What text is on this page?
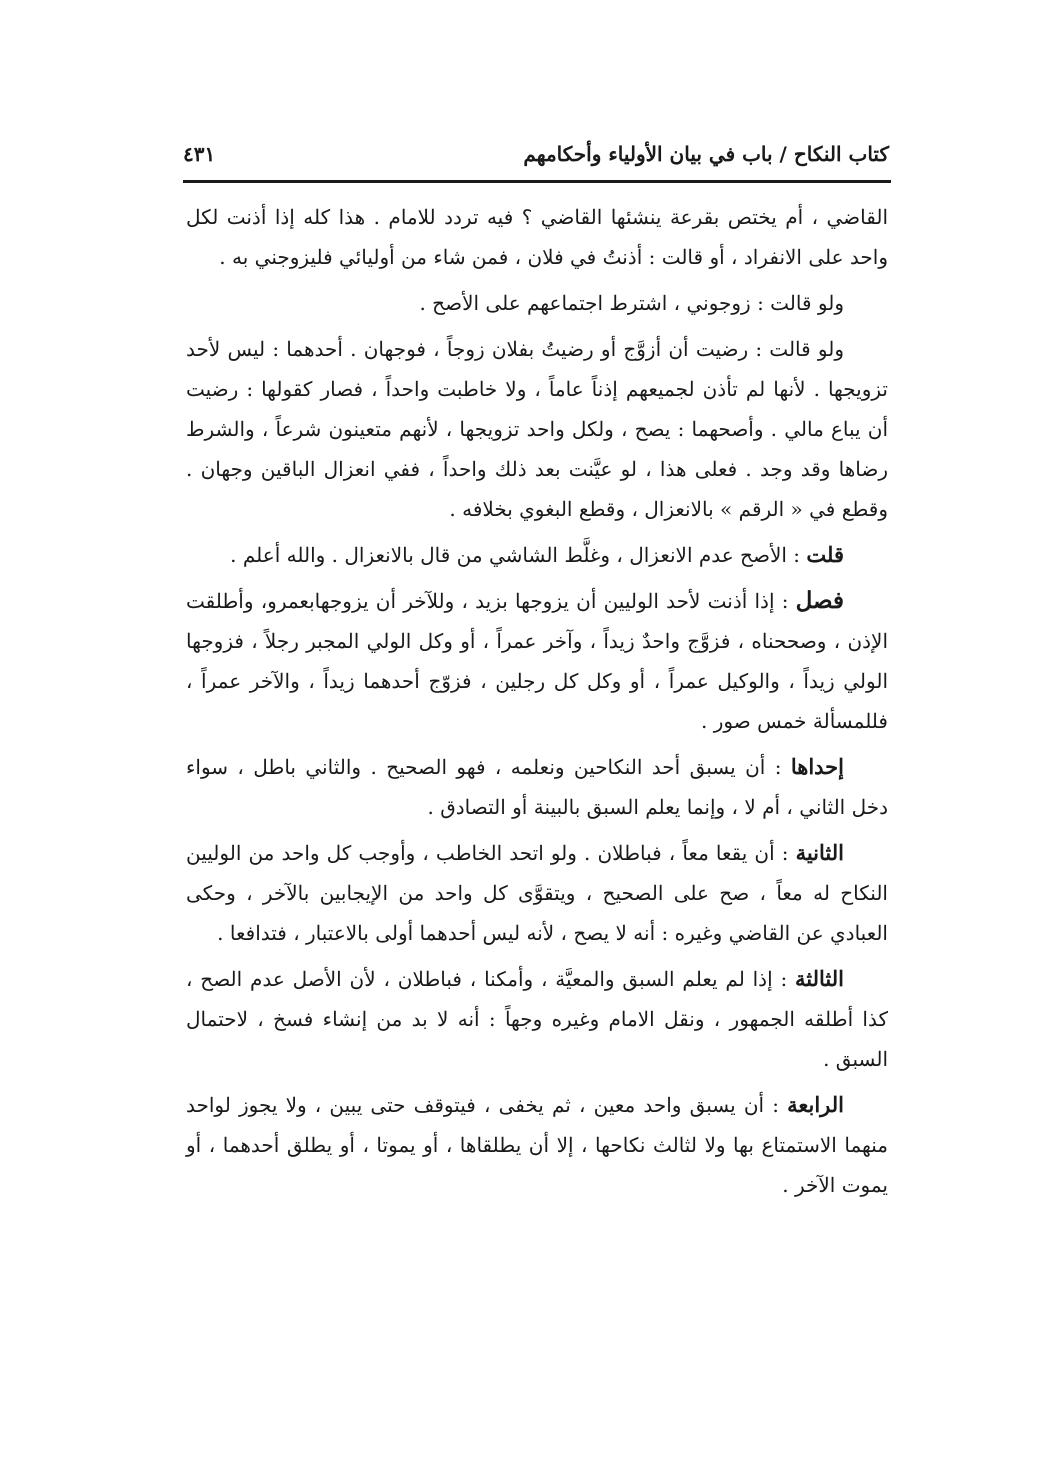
كتاب النكاح / باب في بيان الأولياء وأحكامهم
٤٣١

القاضي ، أم يختص بقرعة ينشئها القاضي ؟ فيه تردد للامام . هذا كله إذا أذنت لكل واحد على الانفراد ، أو قالت : أذنتُ في فلان ، فمن شاء من أوليائي فليزوجني به .

ولو قالت : زوجوني ، اشترط اجتماعهم على الأصح .

ولو قالت : رضيت أن أزوَّج أو رضيتُ بفلان زوجاً ، فوجهان . أحدهما : ليس لأحد تزويجها . لأنها لم تأذن لجميعهم إذناً عاماً ، ولا خاطبت واحداً ، فصار كقولها : رضيت أن يباع مالي . وأصحهما : يصح ، ولكل واحد تزويجها ، لأنهم متعينون شرعاً ، والشرط رضاها وقد وجد . فعلى هذا ، لو عيَّنت بعد ذلك واحداً ، ففي انعزال الباقين وجهان . وقطع في « الرقم » بالانعزال ، وقطع البغوي بخلافه .

قلت : الأصح عدم الانعزال ، وغلَّط الشاشي من قال بالانعزال . والله أعلم .

فصل : إذا أذنت لأحد الوليين أن يزوجها بزيد ، وللآخر أن يزوجهابعمرو، وأطلقت الإذن ، وصححناه ، فزوَّج واحدٌ زيداً ، وآخر عمراً ، أو وكل الولي المجبر رجلاً ، فزوجها الولي زيداً ، والوكيل عمراً ، أو وكل كل رجلين ، فزوّج أحدهما زيداً ، والآخر عمراً ، فللمسألة خمس صور .

إحداها : أن يسبق أحد النكاحين ونعلمه ، فهو الصحيح . والثاني باطل ، سواء دخل الثاني ، أم لا ، وإنما يعلم السبق بالبينة أو التصادق .

الثانية : أن يقعا معاً ، فباطلان . ولو اتحد الخاطب ، وأوجب كل واحد من الوليين النكاح له معاً ، صح على الصحيح ، ويتقوَّى كل واحد من الإيجابين بالآخر ، وحكى العبادي عن القاضي وغيره : أنه لا يصح ، لأنه ليس أحدهما أولى بالاعتبار ، فتدافعا .

الثالثة : إذا لم يعلم السبق والمعيَّة ، وأمكنا ، فباطلان ، لأن الأصل عدم الصح ، كذا أطلقه الجمهور ، ونقل الامام وغيره وجهاً : أنه لا بد من إنشاء فسخ ، لاحتمال السبق .

الرابعة : أن يسبق واحد معين ، ثم يخفى ، فيتوقف حتى يبين ، ولا يجوز لواحد منهما الاستمتاع بها ولا لثالث نكاحها ، إلا أن يطلقاها ، أو يموتا ، أو يطلق أحدهما ، أو يموت الآخر .
